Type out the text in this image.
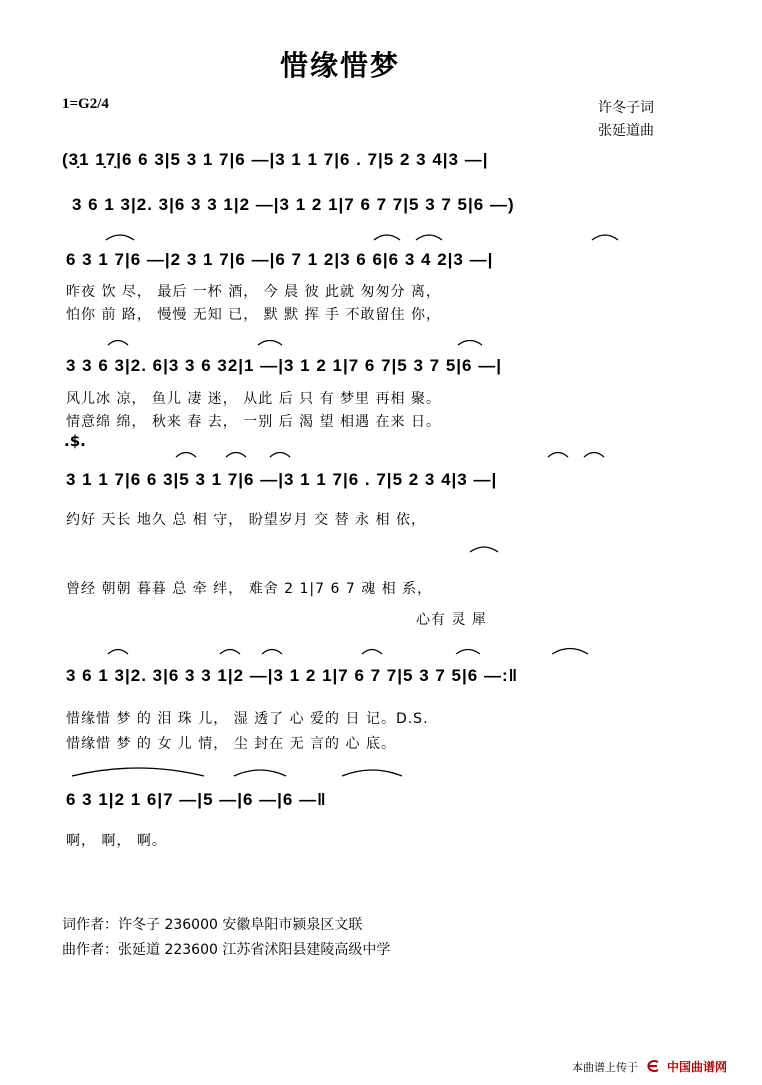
惜缘惜梦
1=G2/4	许冬子词
张延道曲
(3̣1 1̣7̣|6 6 3|5 3 1 7|6 —|3 1 1 7|6 . 7|5 2 3 4|3 —|
3 6 1 3|2. 3|6 3 3 1|2 —|3 1 2 1|7 6 7 7|5 3 7 5|6 —)
6 3 1 7|6 —|2 3 1 7|6 —|6 7 1 2|3 6 6|6 3 4 2|3 —|
昨夜 饮 尽， 最后 一杯 酒， 今 晨 彼 此就 匆匆分 离，
怕你 前 路， 慢慢 无知 已， 默 默 挥 手 不敢留住 你，
3 3 6 3|2. 6|3 3 6 32|1 —|3 1 2 1|7 6 7|5 3 7 5|6 —|
风儿冰 凉， 鱼儿 凄 迷， 从此 后 只 有 梦里 再相 聚。
情意绵 绵， 秋来 春 去， 一别 后 渴 望 相遇 在来 日。
.$.
3 1 1 7|6 6 3|5 3 1 7|6 —|3 1 1 7|6 . 7|5 2 3 4|3 —|
约好 天长 地久 总 相 守， 盼望岁月 交 替 永 相 依，
曾经 朝朝 暮暮 总 牵 绊， 难舍 2 1|7 6 7 魂 相 系，
心有 灵 犀
3 6 1 3|2. 3|6 3 3 1|2 —|3 1 2 1|7 6 7 7|5 3 7 5|6 —:‖
惜缘惜 梦 的 泪 珠 儿， 湿 透了 心 爱的 日 记。D.S.
惜缘惜 梦 的 女 儿 情， 尘 封在 无 言的 心 底。
6 3 1|2 1 6|7 —|5 —|6 —|6 —‖
啊， 啊， 啊。
词作者：许冬子 236000 安徽阜阳市颍泉区文联
曲作者：张延道 223600 江苏省沭阳县建陵高级中学
本曲谱上传于 中国曲谱网
